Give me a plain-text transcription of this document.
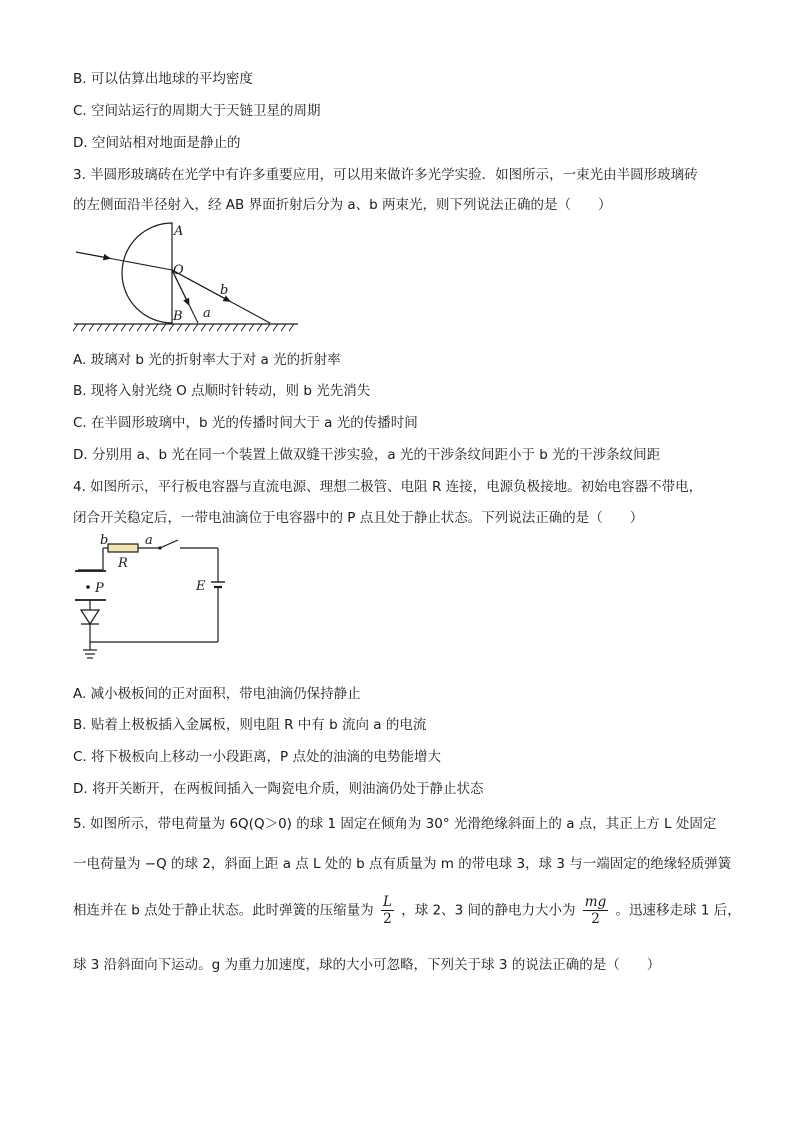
B. 可以估算出地球的平均密度
C. 空间站运行的周期大于天链卫星的周期
D. 空间站相对地面是静止的
3. 半圆形玻璃砖在光学中有许多重要应用，可以用来做许多光学实验．如图所示，一束光由半圆形玻璃砖
的左侧面沿半径射入，经 AB 界面折射后分为 a、b 两束光，则下列说法正确的是（　　）
A
O
b
B a
A. 玻璃对 b 光的折射率大于对 a 光的折射率
B. 现将入射光绕 O 点顺时针转动，则 b 光先消失
C. 在半圆形玻璃中，b 光的传播时间大于 a 光的传播时间
D. 分别用 a、b 光在同一个装置上做双缝干涉实验，a 光的干涉条纹间距小于 b 光的干涉条纹间距
4. 如图所示，平行板电容器与直流电源、理想二极管、电阻 R 连接，电源负极接地。初始电容器不带电，
闭合开关稳定后，一带电油滴位于电容器中的 P 点且处于静止状态。下列说法正确的是（　　）
b	a
R
P	E
A. 减小极板间的正对面积，带电油滴仍保持静止
B. 贴着上极板插入金属板，则电阻 R 中有 b 流向 a 的电流
C. 将下极板向上移动一小段距离，P 点处的油滴的电势能增大
D. 将开关断开，在两板间插入一陶瓷电介质，则油滴仍处于静止状态
5. 如图所示，带电荷量为 6Q(Q＞0) 的球 1 固定在倾角为 30° 光滑绝缘斜面上的 a 点，其正上方 L 处固定
一电荷量为 −Q 的球 2，斜面上距 a 点 L 处的 b 点有质量为 m 的带电球 3，球 3 与一端固定的绝缘轻质弹簧
相连并在 b 点处于静止状态。此时弹簧的压缩量为 $\frac{L}{2}$ ，球 2、3 间的静电力大小为 $\frac{mg}{2}$ 。迅速移走球 1 后，
球 3 沿斜面向下运动。g 为重力加速度，球的大小可忽略，下列关于球 3 的说法正确的是（　　）
